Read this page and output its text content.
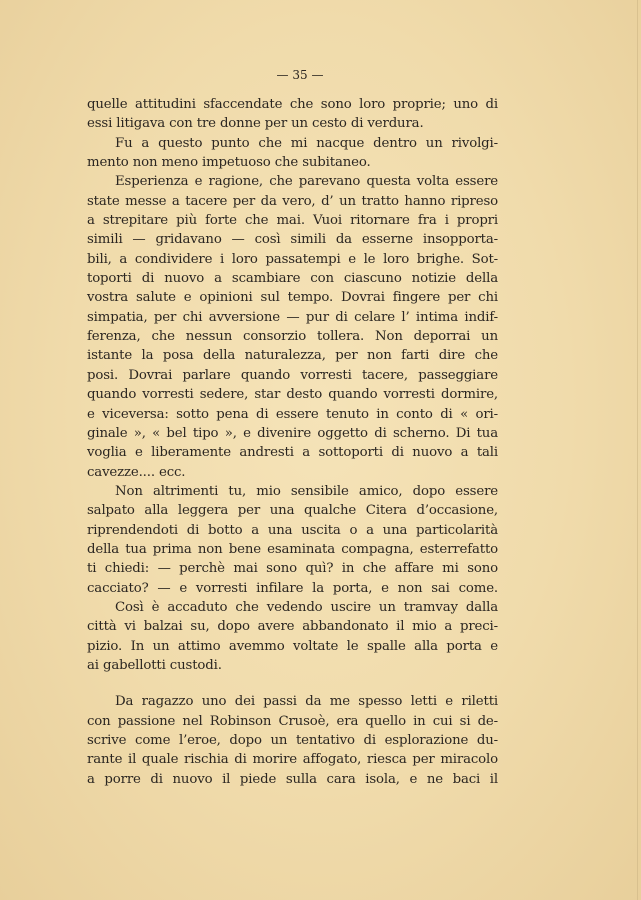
— 35 —
quelle attitudini sfaccendate che sono loro proprie; uno di
essi litigava con tre donne per un cesto di verdura.
Fu a questo punto che mi nacque dentro un rivolgi-
mento non meno impetuoso che subitaneo.
Esperienza e ragione, che parevano questa volta essere
state messe a tacere per da vero, d’ un tratto hanno ripreso
a strepitare più forte che mai. Vuoi ritornare fra i propri
simili — gridavano — così simili da esserne insopporta-
bili, a condividere i loro passatempi e le loro brighe. Sot-
toporti di nuovo a scambiare con ciascuno notizie della
vostra salute e opinioni sul tempo. Dovrai fingere per chi
simpatia, per chi avversione — pur di celare l’ intima indif-
ferenza, che nessun consorzio tollera. Non deporrai un
istante la posa della naturalezza, per non farti dire che
posi. Dovrai parlare quando vorresti tacere, passeggiare
quando vorresti sedere, star desto quando vorresti dormire,
e viceversa: sotto pena di essere tenuto in conto di « ori-
ginale », « bel tipo », e divenire oggetto di scherno. Di tua
voglia e liberamente andresti a sottoporti di nuovo a tali
cavezze.... ecc.
Non altrimenti tu, mio sensibile amico, dopo essere
salpato alla leggera per una qualche Citera d’occasione,
riprendendoti di botto a una uscita o a una particolarità
della tua prima non bene esaminata compagna, esterrefatto
ti chiedi: — perchè mai sono quì? in che affare mi sono
cacciato? — e vorresti infilare la porta, e non sai come.
Così è accaduto che vedendo uscire un tramvay dalla
città vi balzai su, dopo avere abbandonato il mio a preci-
pizio. In un attimo avemmo voltate le spalle alla porta e
ai gabellotti custodi.
Da ragazzo uno dei passi da me spesso letti e riletti
con passione nel Robinson Crusoè, era quello in cui si de-
scrive come l’eroe, dopo un tentativo di esplorazione du-
rante il quale rischia di morire affogato, riesca per miracolo
a porre di nuovo il piede sulla cara isola, e ne baci il
